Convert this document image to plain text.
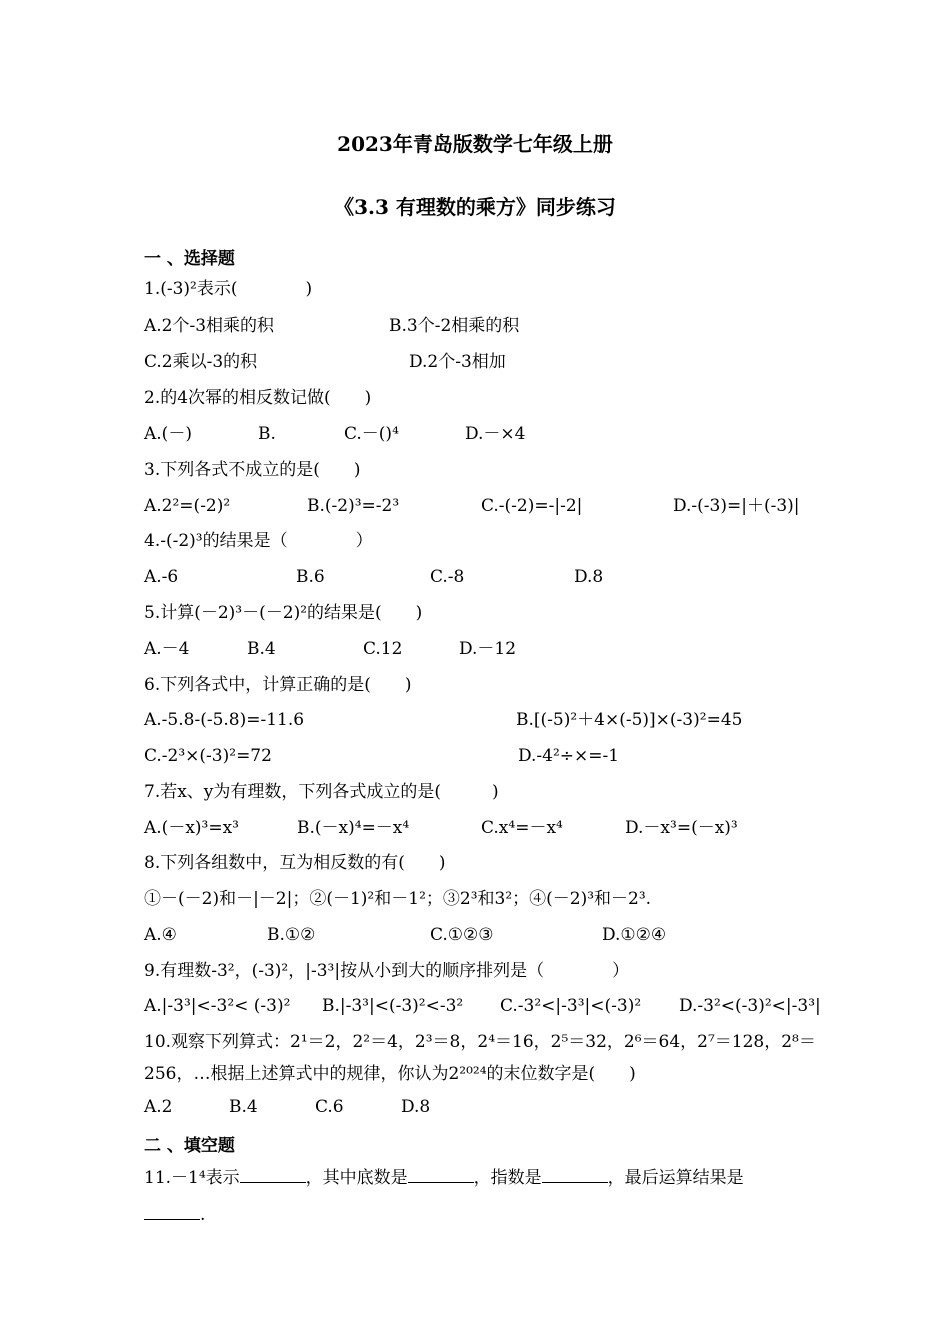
2023年青岛版数学七年级上册
《3.3 有理数的乘方》同步练习
一 、选择题
1.(-3)²表示(　　　　)
A.2个-3相乘的积	B.3个-2相乘的积
C.2乘以-3的积	D.2个-3相加
2.的4次幂的相反数记做(　　)
A.(－)	B.	C.－()⁴	D.－×4
3.下列各式不成立的是(　　)
A.2²=(-2)²	B.(-2)³=-2³	C.-(-2)=-|-2|	D.-(-3)=|＋(-3)|
4.-(-2)³的结果是（　　　　）
A.-6	B.6	C.-8	D.8
5.计算(－2)³－(－2)²的结果是(　　)
A.－4	B.4	C.12	D.－12
6.下列各式中，计算正确的是(　　)
A.-5.8-(-5.8)=-11.6	B.[(-5)²＋4×(-5)]×(-3)²=45
C.-2³×(-3)²=72	D.-4²÷×=-1
7.若x、y为有理数，下列各式成立的是(　　　)
A.(－x)³=x³	B.(－x)⁴=－x⁴	C.x⁴=－x⁴	D.－x³=(－x)³
8.下列各组数中，互为相反数的有(　　)
①－(－2)和－|－2|；②(－1)²和－1²；③2³和3²；④(－2)³和－2³.
A.④	B.①②	C.①②③	D.①②④
9.有理数-3²，(-3)²，|-3³|按从小到大的顺序排列是（　　　　）
A.|-3³|<-3²< (-3)² B.|-3³|<(-3)²<-3² C.-3²<|-3³|<(-3)² D.-3²<(-3)²<|-3³|
10.观察下列算式：2¹＝2，2²＝4，2³＝8，2⁴＝16，2⁵＝32，2⁶＝64，2⁷＝128，2⁸＝
256，…根据上述算式中的规律，你认为2²⁰²⁴的末位数字是(　　)
A.2	B.4	C.6	D.8
二 、填空题
11.－1⁴表示	，其中底数是	，指数是	，最后运算结果是
.
